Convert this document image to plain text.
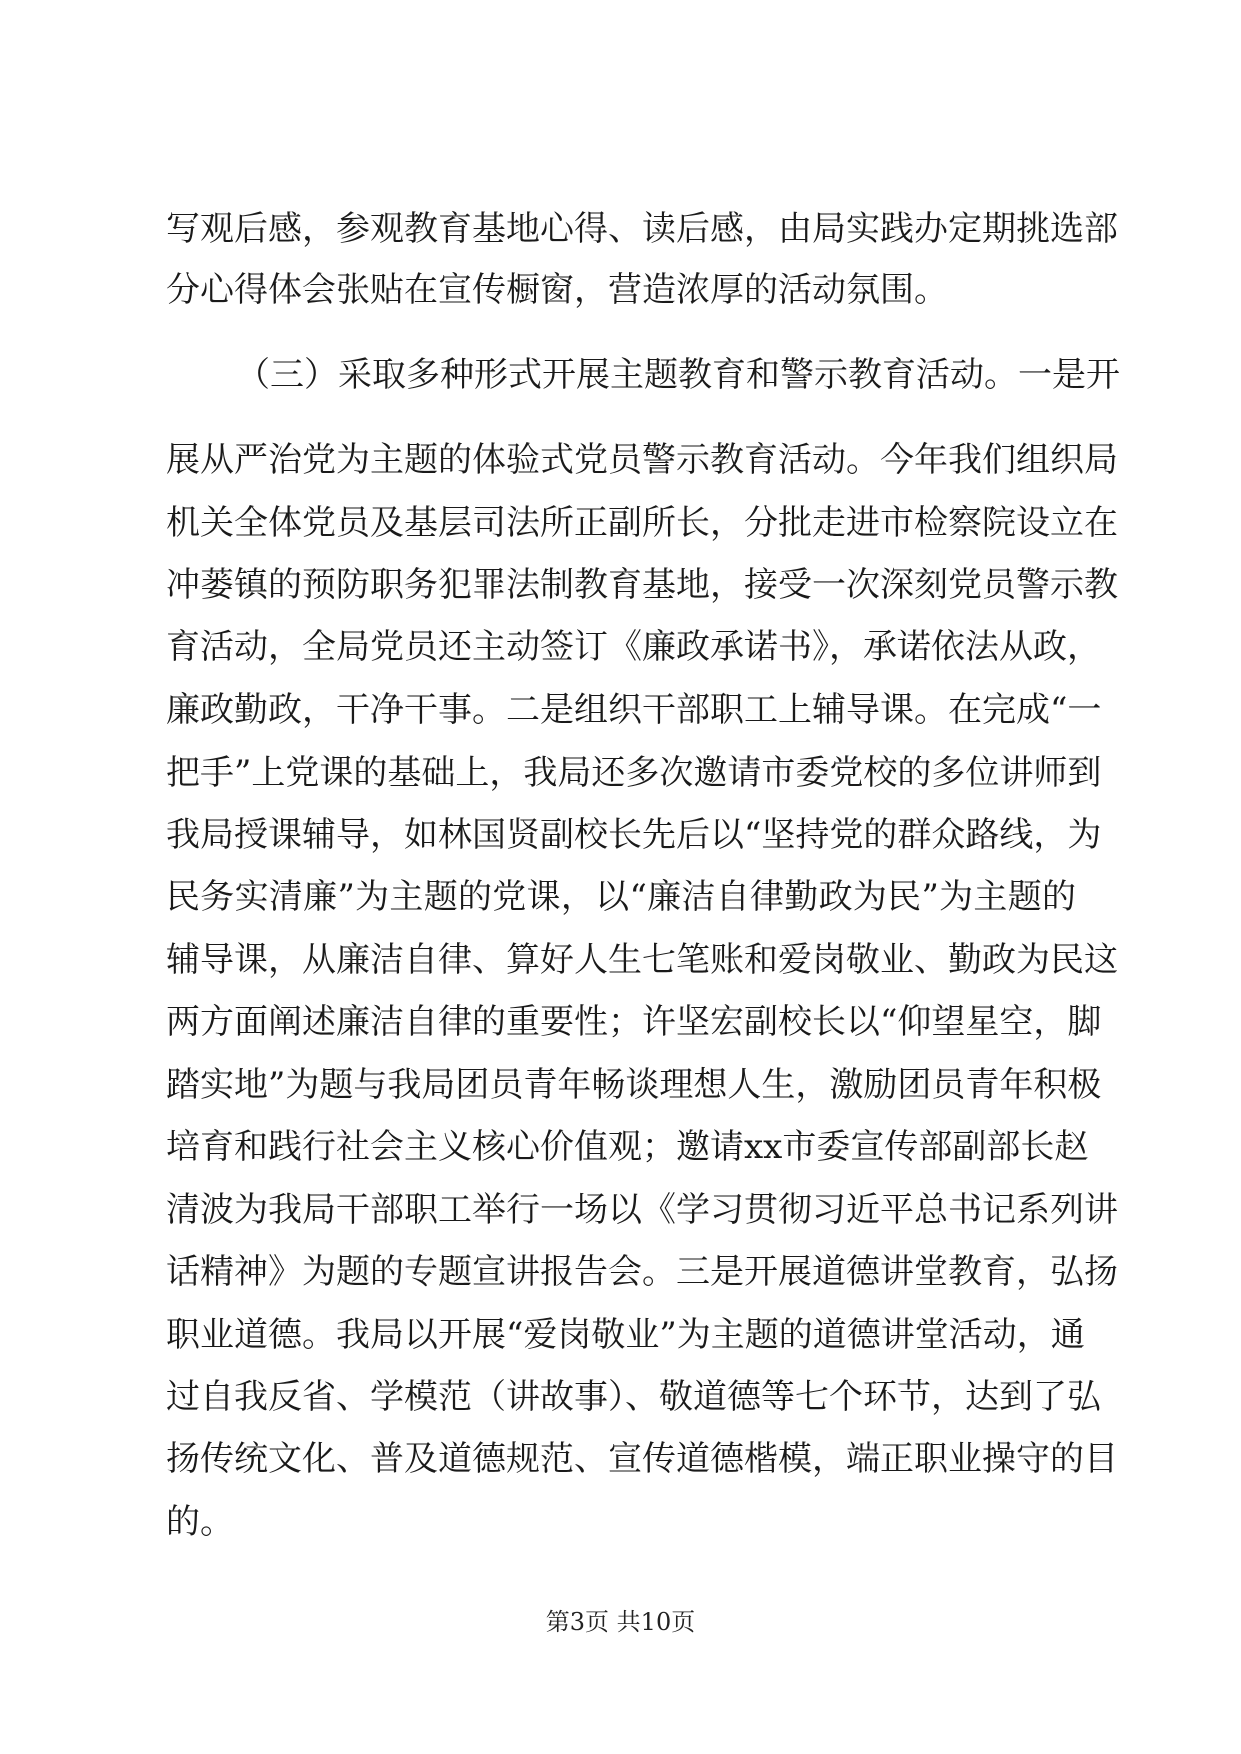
写观后感，参观教育基地心得、读后感，由局实践办定期挑选部
分心得体会张贴在宣传橱窗，营造浓厚的活动氛围。
（三）采取多种形式开展主题教育和警示教育活动。一是开
展从严治党为主题的体验式党员警示教育活动。今年我们组织局
机关全体党员及基层司法所正副所长，分批走进市检察院设立在
冲蒌镇的预防职务犯罪法制教育基地，接受一次深刻党员警示教
育活动，全局党员还主动签订《廉政承诺书》，承诺依法从政，
廉政勤政，干净干事。二是组织干部职工上辅导课。在完成“一
把手”上党课的基础上，我局还多次邀请市委党校的多位讲师到
我局授课辅导，如林国贤副校长先后以“坚持党的群众路线，为
民务实清廉”为主题的党课，以“廉洁自律勤政为民”为主题的
辅导课，从廉洁自律、算好人生七笔账和爱岗敬业、勤政为民这
两方面阐述廉洁自律的重要性；许坚宏副校长以“仰望星空，脚
踏实地”为题与我局团员青年畅谈理想人生，激励团员青年积极
培育和践行社会主义核心价值观；邀请xx市委宣传部副部长赵
清波为我局干部职工举行一场以《学习贯彻习近平总书记系列讲
话精神》为题的专题宣讲报告会。三是开展道德讲堂教育，弘扬
职业道德。我局以开展“爱岗敬业”为主题的道德讲堂活动，通
过自我反省、学模范（讲故事）、敬道德等七个环节，达到了弘
扬传统文化、普及道德规范、宣传道德楷模，端正职业操守的目
的。
第3页 共10页
